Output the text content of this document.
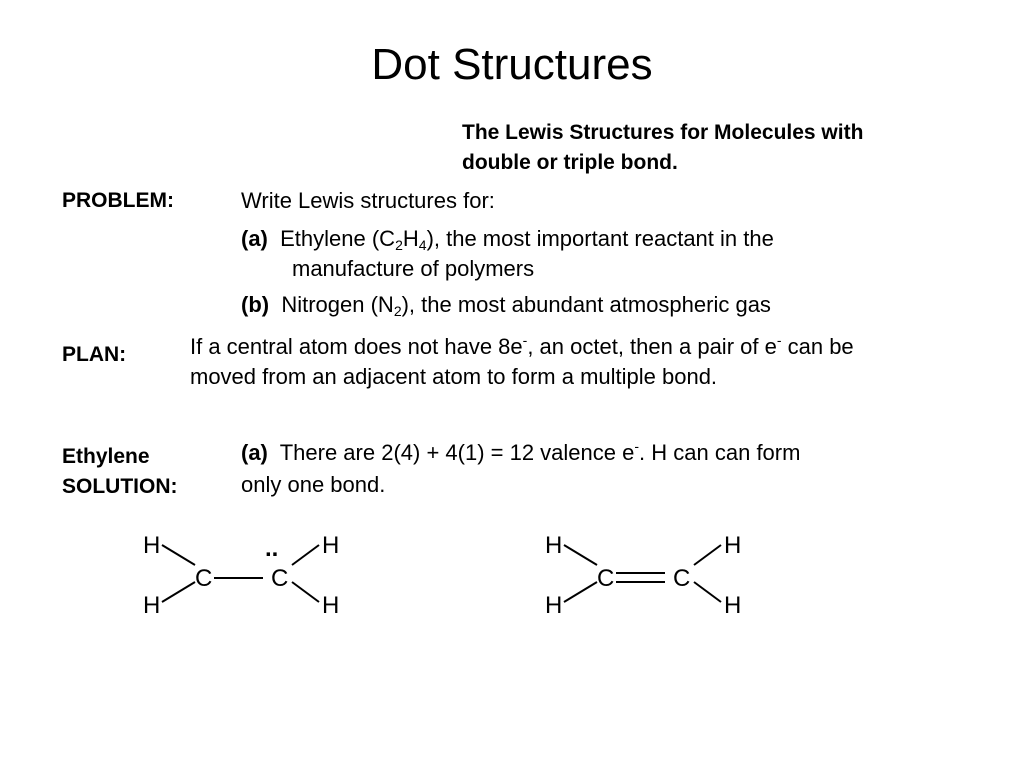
Dot Structures
The Lewis Structures for Molecules with
double or triple bond.
PROBLEM:	Write Lewis structures for:
(a) Ethylene $(C_2H_4)$, the most important reactant in the
manufacture of polymers
(b) Nitrogen $(N_2)$, the most abundant atmospheric gas
PLAN:	If a central atom does not have 8e-, an octet, then a pair of e- can be
moved from an adjacent atom to form a multiple bond.
Ethylene
SOLUTION:
(a) There are 2(4) + 4(1) = 12 valence e-. H can can form
only one bond.
H
H
H
H
C C
..	H
H
H
H
C C
